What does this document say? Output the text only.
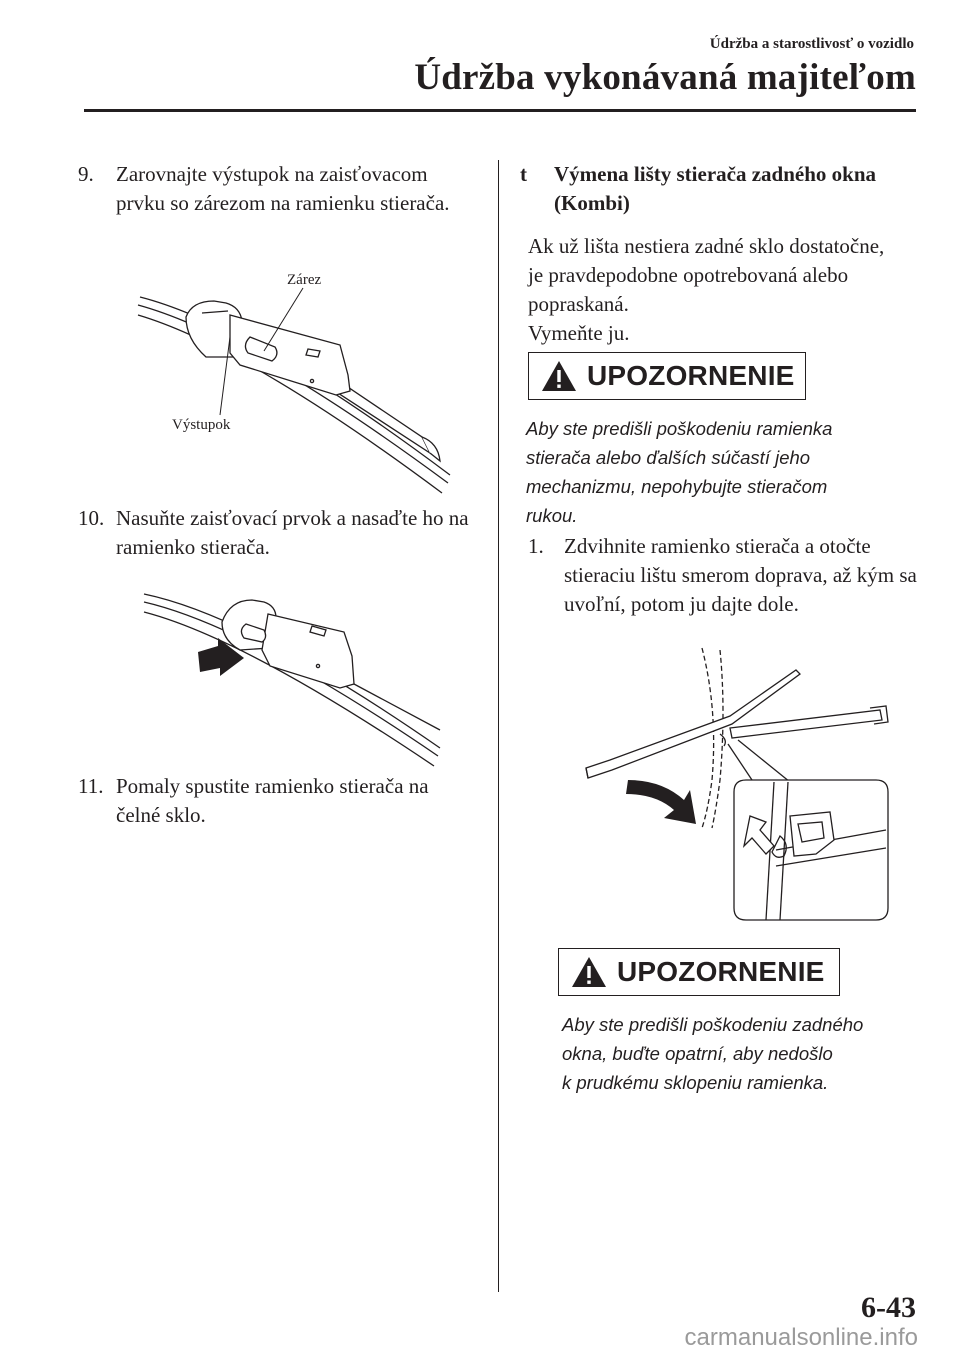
Údržba a starostlivosť o vozidlo
Údržba vykonávaná majiteľom
9.	Zarovnajte výstupok na zaisťovacom prvku so zárezom na ramienku stierača.
Zárez
Výstupok
10. Nasuňte zaisťovací prvok a nasaďte ho na ramienko stierača.
11. Pomaly spustite ramienko stierača na čelné sklo.
t Výmena lišty stierača zadného okna (Kombi)
Ak už lišta nestiera zadné sklo dostatočne,
je pravdepodobne opotrebovaná alebo
popraskaná.
Vymeňte ju.
UPOZORNENIE
Aby ste predišli poškodeniu ramienka
stierača alebo ďalších súčastí jeho
mechanizmu, nepohybujte stieračom
rukou.
1. Zdvihnite ramienko stierača a otočte stieraciu lištu smerom doprava, až kým sa uvoľní, potom ju dajte dole.
UPOZORNENIE
Aby ste predišli poškodeniu zadného
okna, buďte opatrní, aby nedošlo
k prudkému sklopeniu ramienka.
6-43
carmanualsonline.info
